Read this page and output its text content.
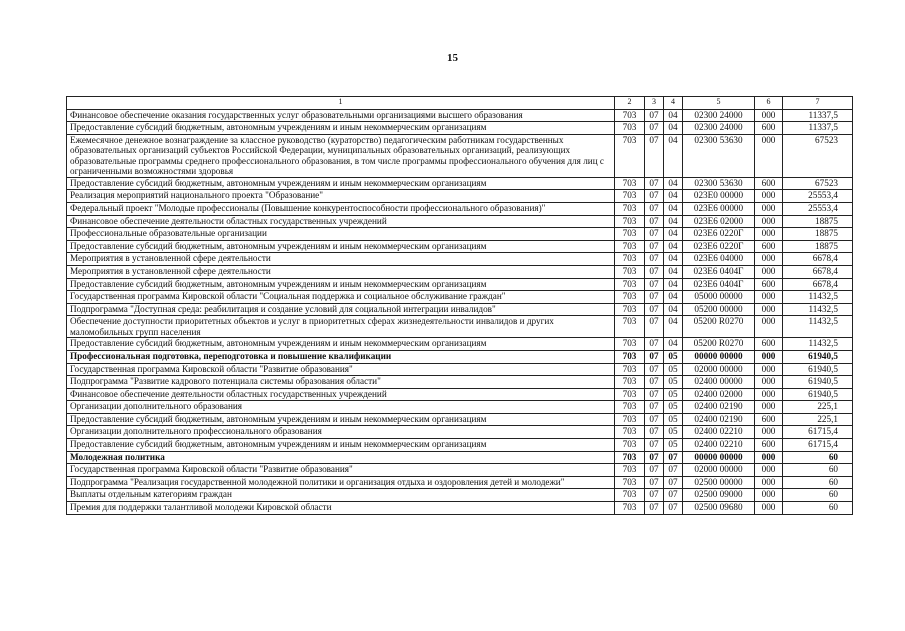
15
1	2	3	4	5	6	7
Финансовое обеспечение оказания государственных услуг образовательными организациями высшего образования	703	07	04	02300 24000	000	11337,5
Предоставление субсидий бюджетным, автономным учреждениям и иным некоммерческим организациям	703	07	04	02300 24000	600	11337,5
Ежемесячное денежное вознаграждение за классное руководство (кураторство) педагогическим работникам государственных образовательных организаций субъектов Российской Федерации, муниципальных образовательных организаций, реализующих образовательные программы среднего профессионального образования, в том числе программы профессионального обучения для лиц с ограниченными возможностями здоровья	703	07	04	02300 53630	000	67523
Предоставление субсидий бюджетным, автономным учреждениям и иным некоммерческим организациям	703	07	04	02300 53630	600	67523
Реализация мероприятий национального проекта "Образование"	703	07	04	023E0 00000	000	25553,4
Федеральный проект "Молодые профессионалы (Повышение конкурентоспособности профессионального образования)"	703	07	04	023E6 00000	000	25553,4
Финансовое обеспечение деятельности областных государственных учреждений	703	07	04	023E6 02000	000	18875
Профессиональные образовательные организации	703	07	04	023E6 0220Г	000	18875
Предоставление субсидий бюджетным, автономным учреждениям и иным некоммерческим организациям	703	07	04	023E6 0220Г	600	18875
Мероприятия в установленной сфере деятельности	703	07	04	023E6 04000	000	6678,4
Мероприятия в установленной сфере деятельности	703	07	04	023E6 0404Г	000	6678,4
Предоставление субсидий бюджетным, автономным учреждениям и иным некоммерческим организациям	703	07	04	023E6 0404Г	600	6678,4
Государственная программа Кировской области "Социальная поддержка и социальное обслуживание граждан"	703	07	04	05000 00000	000	11432,5
Подпрограмма "Доступная среда: реабилитация и создание условий для социальной интеграции инвалидов"	703	07	04	05200 00000	000	11432,5
Обеспечение доступности приоритетных объектов и услуг в приоритетных сферах жизнедеятельности инвалидов и других маломобильных групп населения	703	07	04	05200 R0270	000	11432,5
Предоставление субсидий бюджетным, автономным учреждениям и иным некоммерческим организациям	703	07	04	05200 R0270	600	11432,5
Профессиональная подготовка, переподготовка и повышение квалификации	703	07	05	00000 00000	000	61940,5
Государственная программа Кировской области "Развитие образования"	703	07	05	02000 00000	000	61940,5
Подпрограмма "Развитие кадрового потенциала системы образования области"	703	07	05	02400 00000	000	61940,5
Финансовое обеспечение деятельности областных государственных учреждений	703	07	05	02400 02000	000	61940,5
Организации дополнительного образования	703	07	05	02400 02190	000	225,1
Предоставление субсидий бюджетным, автономным учреждениям и иным некоммерческим организациям	703	07	05	02400 02190	600	225,1
Организации дополнительного профессионального образования	703	07	05	02400 02210	000	61715,4
Предоставление субсидий бюджетным, автономным учреждениям и иным некоммерческим организациям	703	07	05	02400 02210	600	61715,4
Молодежная политика	703	07	07	00000 00000	000	60
Государственная программа Кировской области "Развитие образования"	703	07	07	02000 00000	000	60
Подпрограмма "Реализация государственной молодежной политики и организация отдыха и оздоровления детей и молодежи"	703	07	07	02500 00000	000	60
Выплаты отдельным категориям граждан	703	07	07	02500 09000	000	60
Премия для поддержки талантливой молодежи Кировской области	703	07	07	02500 09680	000	60
